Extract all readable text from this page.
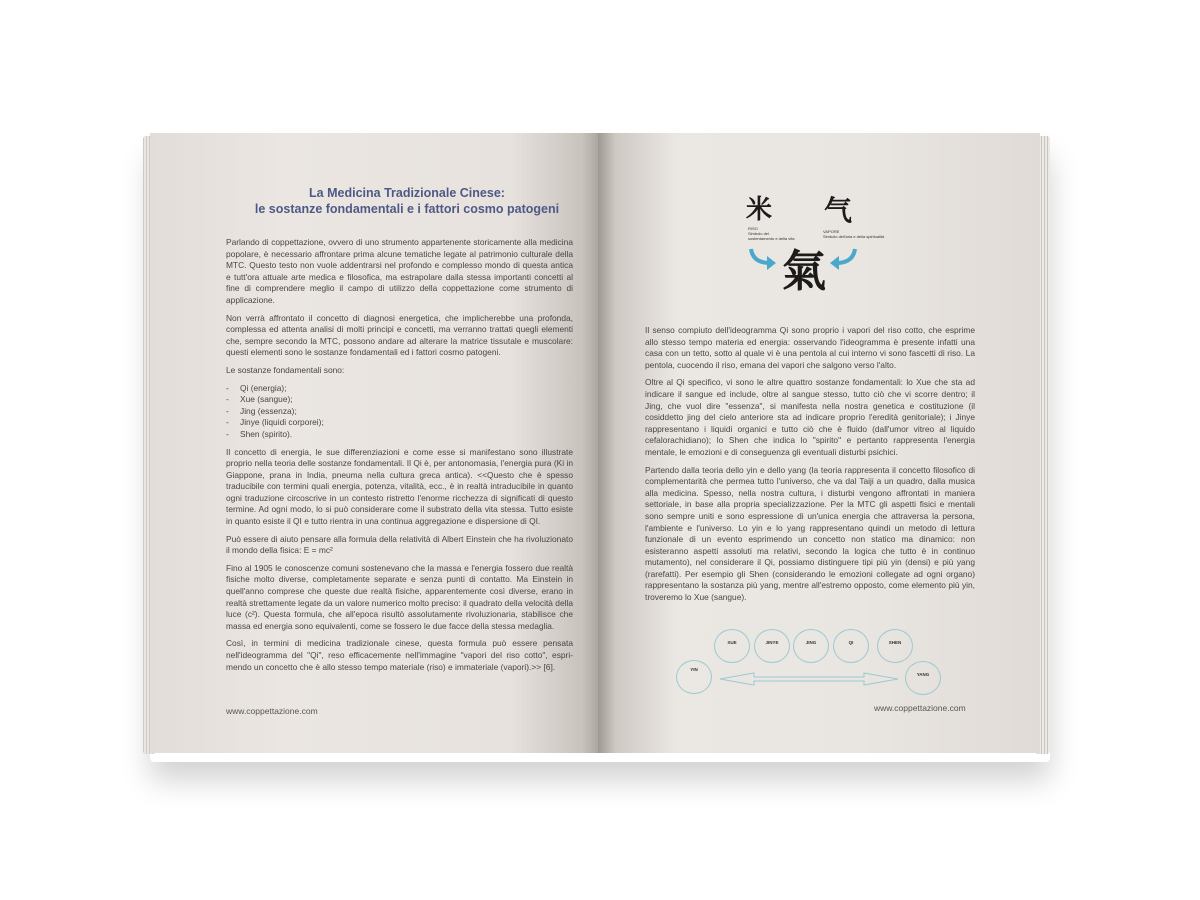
La Medicina Tradizionale Cinese:
le sostanze fondamentali e i fattori cosmo patogeni

Parlando di coppettazione, ovvero di uno strumento appartenente storicamente alla medicina popolare, è necessario affrontare prima alcune tematiche legate al patrimonio culturale della MTC. Questo testo non vuole addentrarsi nel profondo e complesso mondo di questa antica e tutt'ora attuale arte medica e filosofica, ma estrapolare dalla stessa importanti concetti al fine di comprendere meglio il campo di utilizzo della coppettazione come strumento di applicazione.

Non verrà affrontato il concetto di diagnosi energetica, che implicherebbe una profonda, complessa ed attenta analisi di molti principi e concetti, ma verranno trattati quegli elementi che, sempre secondo la MTC, possono andare ad alterare la matrice tissutale e muscolare: questi elementi sono le sostanze fondamentali ed i fattori cosmo patogeni.

Le sostanze fondamentali sono:

- Qi (energia);
- Xue (sangue);
- Jing (essenza);
- Jinye (liquidi corporei);
- Shen (spirito).

Il concetto di energia, le sue differenziazioni e come esse si manifestano sono illustrate proprio nella teoria delle sostanze fondamentali. Il Qi è, per antonomasia, l'energia pura (Ki in Giappone, prana in India, pneuma nella cultura greca antica). <<Questo che è spesso traducibile con termini quali energia, potenza, vitalità, ecc., è in realtà intraducibile in quanto ogni traduzione circoscrive in un contesto ristretto l'enorme ricchezza di significati di questo termine. Ad ogni modo, lo si può considerare come il substrato della vita stessa. Tutto esiste in quanto esiste il QI e tutto rientra in una continua aggregazione e dispersione di QI.

Può essere di aiuto pensare alla formula della relatività di Albert Einstein che ha rivoluzionato il mondo della fisica: E = mc²

Fino al 1905 le conoscenze comuni sostenevano che la massa e l'energia fossero due realtà fisiche molto diverse, completamente separate e senza punti di contatto. Ma Einstein in quell'anno comprese che queste due realtà fisiche, apparentemente così diverse, erano in realtà strettamente legate da un valore numerico molto preciso: il quadrato della velocità della luce (c²). Questa formula, che all'epoca risultò assolutamente rivoluzionaria, stabilisce che massa ed energia sono equivalenti, come se fossero le due facce della stessa medaglia.

Così, in termini di medicina tradizionale cinese, questa formula può essere pensata nell'ideogramma del "Qi", reso efficacemente nell'immagine "vapori del riso cotto", espri-mendo un concetto che è allo stesso tempo materiale (riso) e immateriale (vapori).>> [6].

www.coppettazione.com
米 气
RISO
Simbolo del
sostentamento e della vita
VAPORE
Simbolo dell'aria e della spiritualità
氣

Il senso compiuto dell'ideogramma Qi sono proprio i vapori del riso cotto, che esprime allo stesso tempo materia ed energia: osservando l'ideogramma è presente infatti una casa con un tetto, sotto al quale vi è una pentola al cui interno vi sono fascetti di riso. La pentola, cuocendo il riso, emana dei vapori che salgono verso l'alto.

Oltre al Qi specifico, vi sono le altre quattro sostanze fondamentali: lo Xue che sta ad indicare il sangue ed include, oltre al sangue stesso, tutto ciò che vi scorre dentro; il Jing, che vuol dire "essenza", si manifesta nella nostra genetica e costituzione (il cosiddetto jing del cielo anteriore sta ad indicare proprio l'eredità genitoriale); i Jinye rappresentano i liquidi organici e tutto ciò che è fluido (dall'umor vitreo al liquido cefalorachidiano); lo Shen che indica lo "spirito" e pertanto rappresenta l'energia mentale, le emozioni e di conseguenza gli eventuali disturbi psichici.

Partendo dalla teoria dello yin e dello yang (la teoria rappresenta il concetto filosofico di complementarità che permea tutto l'universo, che va dal Taiji a un quadro, dalla musica alla medicina. Spesso, nella nostra cultura, i disturbi vengono affrontati in maniera settoriale, in base alla propria specializzazione. Per la MTC gli aspetti fisici e mentali sono sempre uniti e sono espressione di un'unica energia che attraversa la persona, l'ambiente e l'universo. Lo yin e lo yang rappresentano quindi un metodo di lettura funzionale di un evento esprimendo un concetto non statico ma dinamico: non esisteranno aspetti assoluti ma relativi, secondo la logica che tutto è in continuo mutamento), nel considerare il Qi, possiamo distinguere tipi più yin (densi) e più yang (rarefatti). Per esempio gli Shen (considerando le emozioni collegate ad ogni organo) rappresentano la sostanza più yang, mentre all'estremo opposto, come elemento più yin, troveremo lo Xue (sangue).

XUE	JINYE	JING	QI	SHEN
YIN
YANG
www.coppettazione.com
